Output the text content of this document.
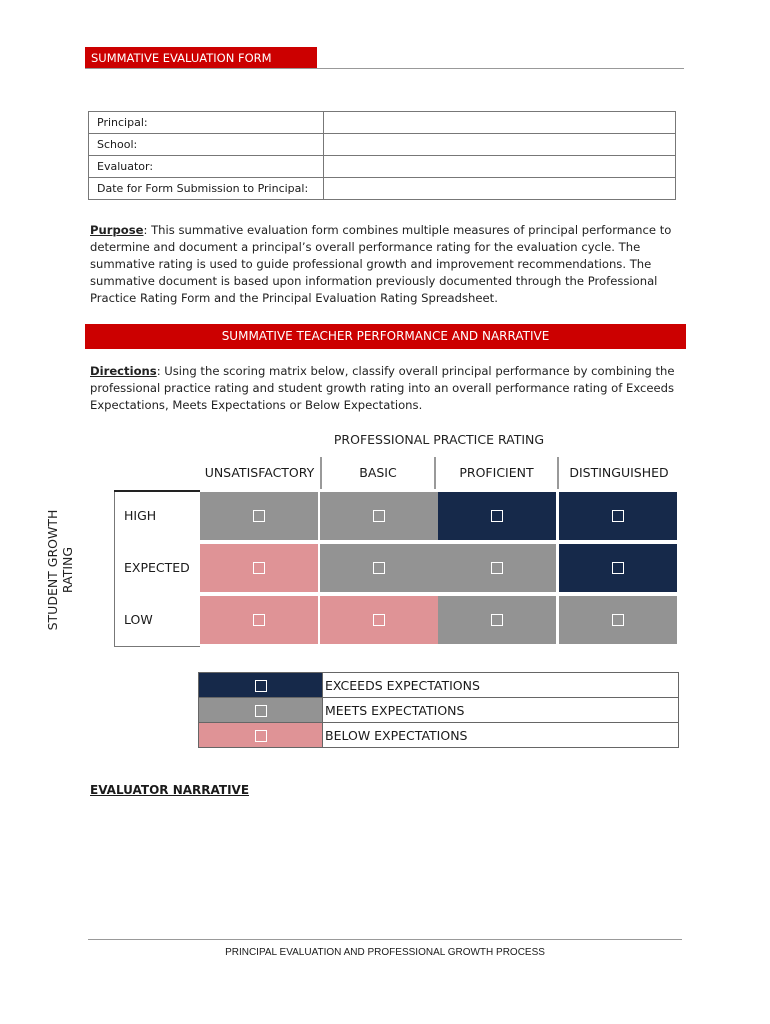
SUMMATIVE EVALUATION FORM
Principal:	
School:	
Evaluator:	
Date for Form Submission to Principal:	
Purpose: This summative evaluation form combines multiple measures of principal performance to determine and document a principal’s overall performance rating for the evaluation cycle. The summative rating is used to guide professional growth and improvement recommendations. The summative document is based upon information previously documented through the Professional Practice Rating Form and the Principal Evaluation Rating Spreadsheet.
SUMMATIVE TEACHER PERFORMANCE AND NARRATIVE
Directions: Using the scoring matrix below, classify overall principal performance by combining the professional practice rating and student growth rating into an overall performance rating of Exceeds Expectations, Meets Expectations or Below Expectations.
PROFESSIONAL PRACTICE RATING
UNSATISFACTORY	BASIC	PROFICIENT	DISTINGUISHED
HIGH
EXPECTED
LOW
STUDENT GROWTH RATING
	EXCEEDS EXPECTATIONS
	MEETS EXPECTATIONS
	BELOW EXPECTATIONS
EVALUATOR NARRATIVE
PRINCIPAL EVALUATION AND PROFESSIONAL GROWTH PROCESS
